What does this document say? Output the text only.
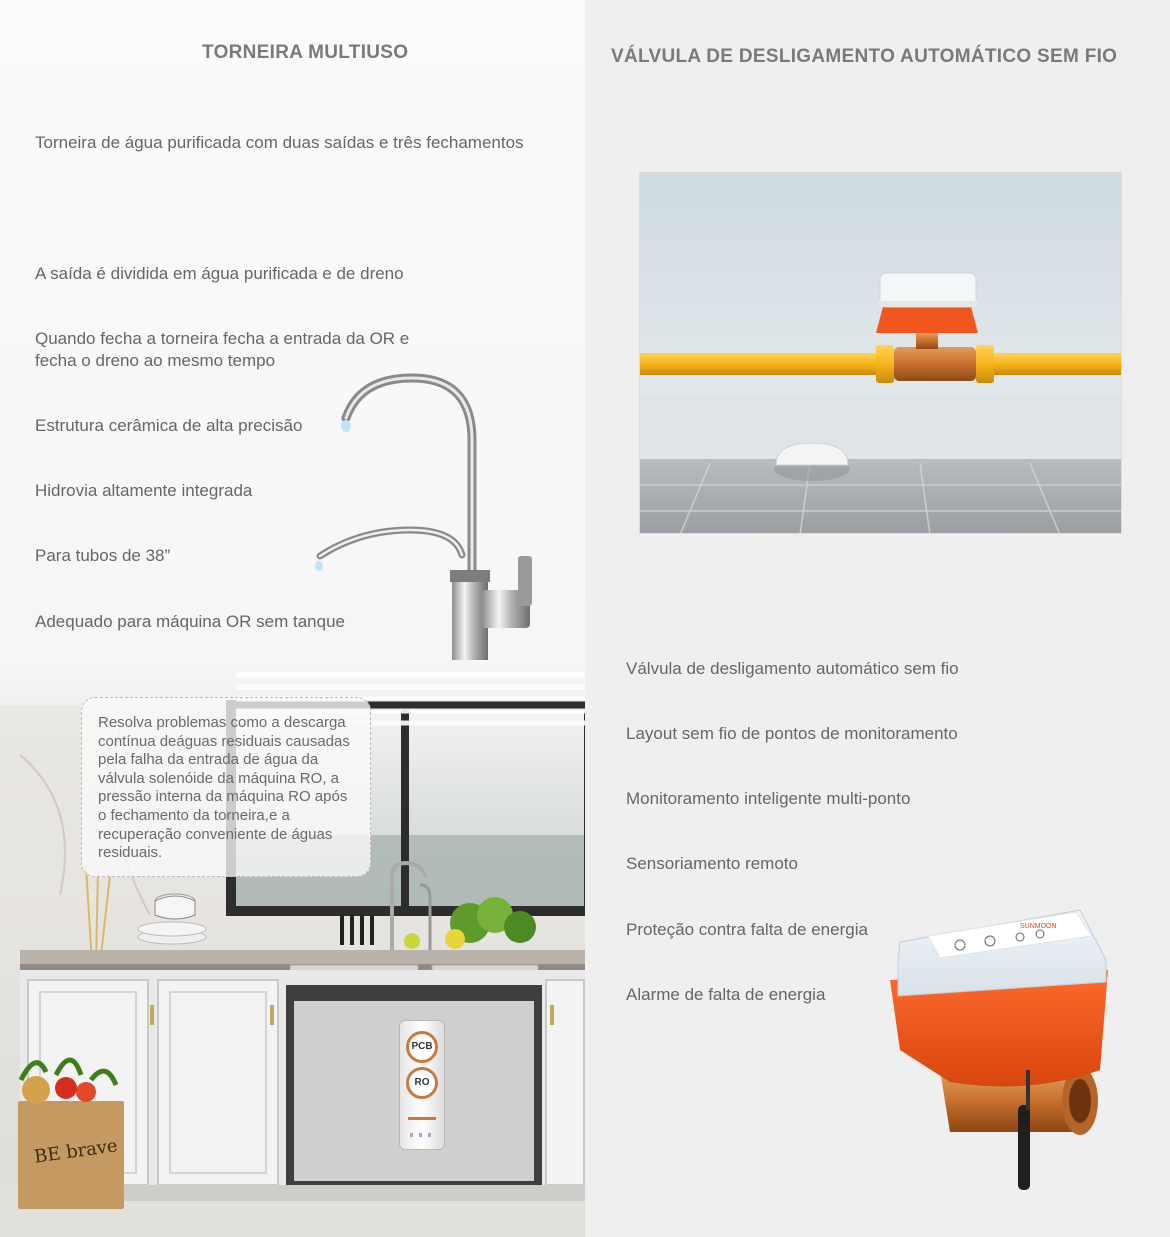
TORNEIRA MULTIUSO
Torneira de água purificada com duas saídas e três fechamentos
A saída é dividida em água purificada e de dreno
Quando fecha a torneira fecha a entrada da OR e
fecha o dreno ao mesmo tempo
Estrutura cerâmica de alta precisão
Hidrovia altamente integrada
Para tubos de 38”
Adequado para máquina OR sem tanque
PCB
RO
BE brave
Resolva problemas como a descarga
contínua deáguas residuais causadas
pela falha da entrada de água da
válvula solenóide da máquina RO, a
pressão interna da máquina RO após
o fechamento da torneira,e a
recuperação conveniente de águas
residuais.
VÁLVULA DE DESLIGAMENTO AUTOMÁTICO SEM FIO
Válvula de desligamento automático sem fio
Layout sem fio de pontos de monitoramento
Monitoramento inteligente multi-ponto
Sensoriamento remoto
Proteção contra falta de energia
Alarme de falta de energia
SUNMOON
